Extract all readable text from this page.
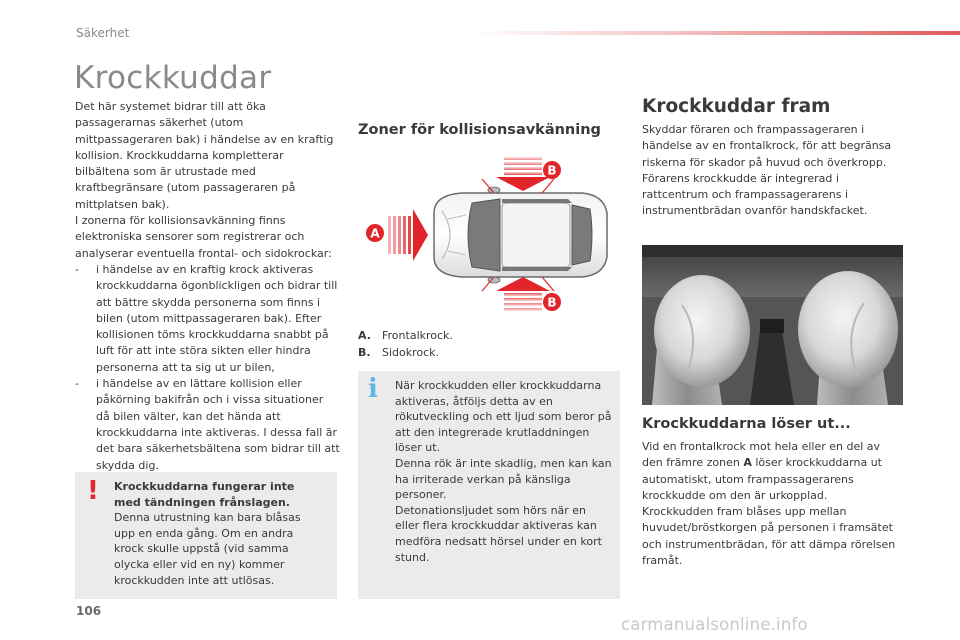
Säkerhet
Krockkuddar

Det här systemet bidrar till att öka passagerarnas säkerhet (utom mittpassageraren bak) i händelse av en kraftig kollision. Krockkuddarna kompletterar bilbältena som är utrustade med kraftbegränsare (utom passageraren på mittplatsen bak).

I zonerna för kollisionsavkänning finns elektroniska sensorer som registrerar och analyserar eventuella frontal- och sidokrockar:

-	i händelse av en kraftig krock aktiveras krockkuddarna ögonblickligen och bidrar till att bättre skydda personerna som finns i bilen (utom mittpassageraren bak). Efter kollisionen töms krockkuddarna snabbt på luft för att inte störa sikten eller hindra personerna att ta sig ut ur bilen,
-	i händelse av en lättare kollision eller påkörning bakifrån och i vissa situationer då bilen välter, kan det hända att krockkuddarna inte aktiveras. I dessa fall är det bara säkerhetsbältena som bidrar till att skydda dig.
! Krockkuddarna fungerar inte med tändningen frånslagen.
Denna utrustning kan bara blåsas upp en enda gång. Om en andra krock skulle uppstå (vid samma olycka eller vid en ny) kommer krockkudden inte att utlösas.
Zoner för kollisionsavkänning
B
A
B
A. Frontalkrock.
B. Sidokrock.
i När krockkudden eller krockkuddarna aktiveras, åtföljs detta av en rökutveckling och ett ljud som beror på att den integrerade krutladdningen löser ut.
Denna rök är inte skadlig, men kan kan ha irriterade verkan på känsliga personer.
Detonationsljudet som hörs när en eller flera krockkuddar aktiveras kan medföra nedsatt hörsel under en kort stund.
Krockkuddar fram

Skyddar föraren och frampassageraren i händelse av en frontalkrock, för att begränsa riskerna för skador på huvud och överkropp. Förarens krockkudde är integrerad i rattcentrum och frampassagerarens i instrumentbrädan ovanför handskfacket.

Krockkuddarna löser ut...

Vid en frontalkrock mot hela eller en del av den främre zonen A löser krockkuddarna ut automatiskt, utom frampassagerarens krockkudde om den är urkopplad.

Krockkudden fram blåses upp mellan huvudet/bröstkorgen på personen i framsätet och instrumentbrädan, för att dämpa rörelsen framåt.

106
carmanualsonline.info
